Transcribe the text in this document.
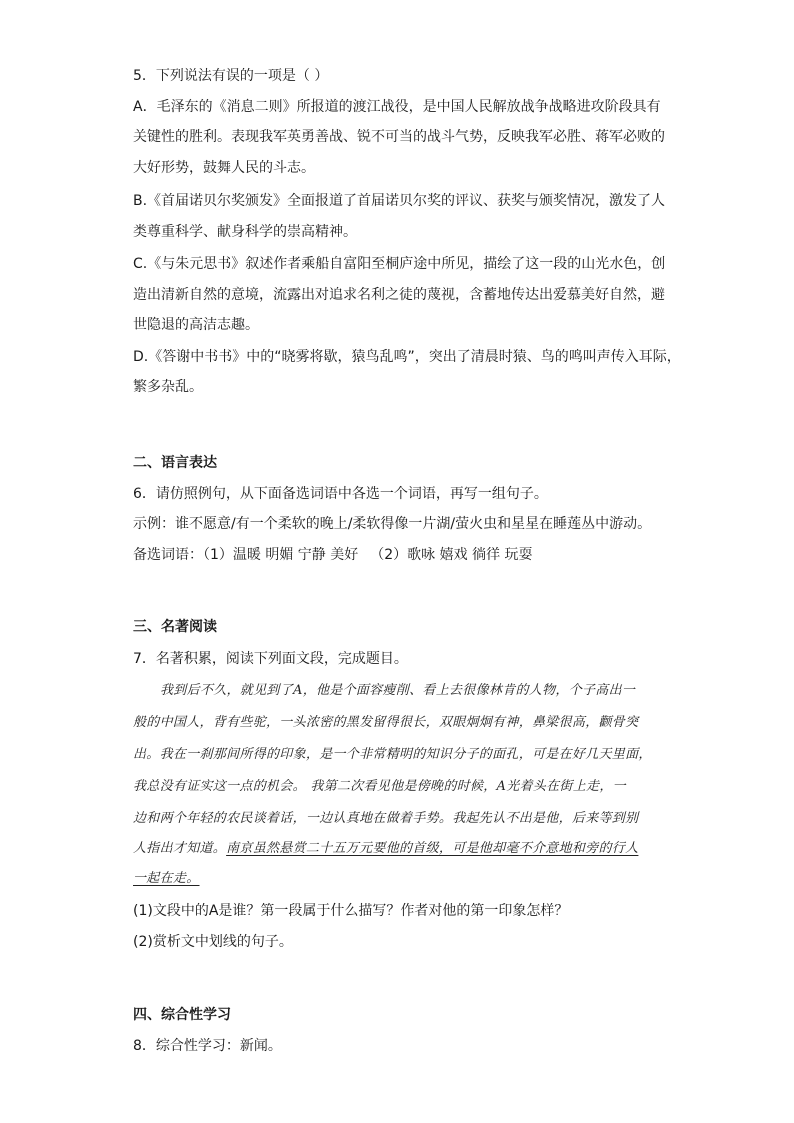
5．下列说法有误的一项是（ ）
A．毛泽东的《消息二则》所报道的渡江战役，是中国人民解放战争战略进攻阶段具有
关键性的胜利。表现我军英勇善战、锐不可当的战斗气势，反映我军必胜、蒋军必败的
大好形势，鼓舞人民的斗志。
B.《首届诺贝尔奖颁发》全面报道了首届诺贝尔奖的评议、获奖与颁奖情况，激发了人
类尊重科学、献身科学的崇高精神。
C.《与朱元思书》叙述作者乘船自富阳至桐庐途中所见，描绘了这一段的山光水色，创
造出清新自然的意境，流露出对追求名利之徒的蔑视，含蓄地传达出爱慕美好自然，避
世隐退的高洁志趣。
D.《答谢中书书》中的“晓雾将歇，猿鸟乱鸣”，突出了清晨时猿、鸟的鸣叫声传入耳际，
繁多杂乱。
二、语言表达
6．请仿照例句，从下面备选词语中各选一个词语，再写一组句子。
示例：谁不愿意/有一个柔软的晚上/柔软得像一片湖/萤火虫和星星在睡莲丛中游动。
备选词语：（1）温暖 明媚 宁静 美好 （2）歌咏 嬉戏 徜徉 玩耍
三、名著阅读
7．名著积累，阅读下列面文段，完成题目。
我到后不久，就见到了A，他是个面容瘦削、看上去很像林肯的人物，个子高出一
般的中国人，背有些驼，一头浓密的黑发留得很长，双眼炯炯有神，鼻梁很高，颧骨突
出。我在一刹那间所得的印象，是一个非常精明的知识分子的面孔，可是在好几天里面，
我总没有证实这一点的机会。 我第二次看见他是傍晚的时候，A光着头在街上走，一
边和两个年轻的农民谈着话，一边认真地在做着手势。我起先认不出是他，后来等到别
人指出才知道。南京虽然悬赏二十五万元要他的首级，可是他却毫不介意地和旁的行人
一起在走。
(1)文段中的A是谁？第一段属于什么描写？作者对他的第一印象怎样？
(2)赏析文中划线的句子。
四、综合性学习
8．综合性学习：新闻。
